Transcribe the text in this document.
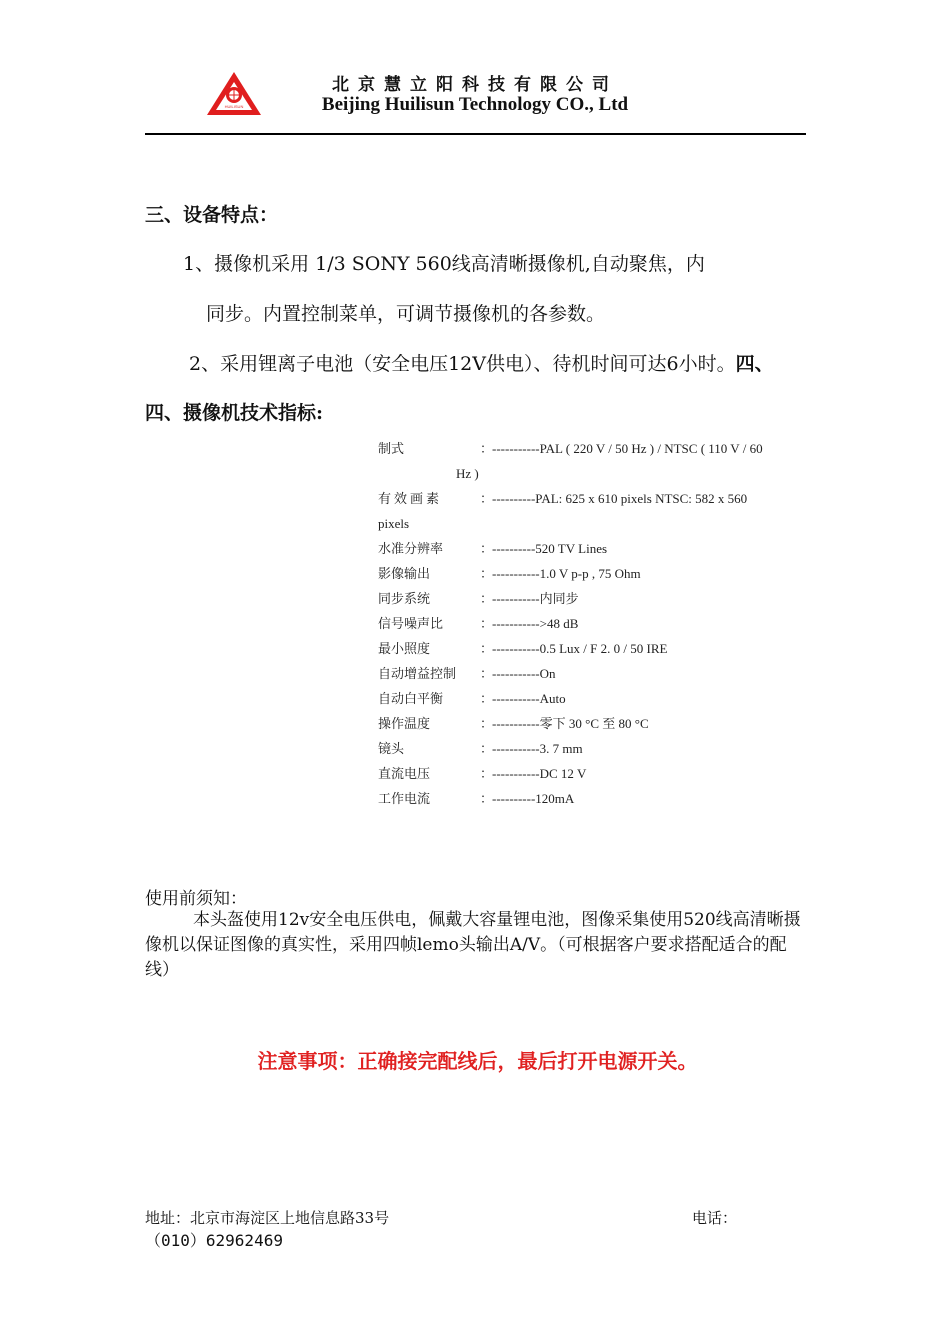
HUILISUN
北京慧立阳科技有限公司
Beijing Huilisun Technology CO., Ltd
三、设备特点：
1、摄像机采用 1/3 SONY 560线高清晰摄像机,自动聚焦，内
同步。内置控制菜单，可调节摄像机的各参数。
2、采用锂离子电池（安全电压12V供电）、待机时间可达6小时。四、
四、摄像机技术指标:
制式	：
-----------PAL ( 220 V / 50 Hz ) / NTSC ( 110 V / 60
Hz )
有效画素	：
----------PAL: 625 x 610 pixels NTSC: 582 x 560
pixels
水准分辨率	：
----------520 TV Lines
影像输出	：
-----------1.0 V p-p , 75 Ohm
同步系统	：
-----------内同步
信号噪声比	：
----------->48 dB
最小照度	：
-----------0.5 Lux / F 2. 0 / 50 IRE
自动增益控制	：
-----------On
自动白平衡	：
-----------Auto
操作温度	：
-----------零下 30 °C 至 80 °C
镜头	：
-----------3. 7 mm
直流电压	：
-----------DC 12 V
工作电流	：
----------120mA
使用前须知：
本头盔使用12v安全电压供电，佩戴大容量锂电池，图像采集使用520线高清晰摄像机以保证图像的真实性，采用四帧lemo头输出A/V。（可根据客户要求搭配适合的配线）
注意事项：正确接完配线后，最后打开电源开关。
地址：北京市海淀区上地信息路33号	电话：
（010）62962469
